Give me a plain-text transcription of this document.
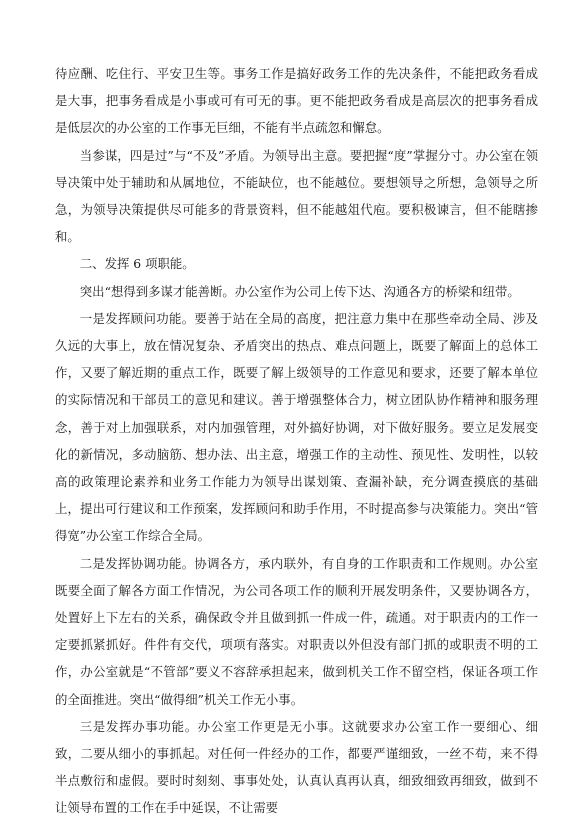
待应酬、吃住行、平安卫生等。事务工作是搞好政务工作的先决条件，不能把政务看成是大事，把事务看成是小事或可有可无的事。更不能把政务看成是高层次的把事务看成是低层次的办公室的工作事无巨细，不能有半点疏忽和懈怠。

当参谋，四是过”与“不及”矛盾。为领导出主意。要把握“度”掌握分寸。办公室在领导决策中处于辅助和从属地位，不能缺位，也不能越位。要想领导之所想，急领导之所急，为领导决策提供尽可能多的背景资料，但不能越俎代庖。要积极谏言，但不能瞎掺和。

二、发挥 6 项职能。

突出“想得到多谋才能善断。办公室作为公司上传下达、沟通各方的桥梁和纽带。

一是发挥顾问功能。要善于站在全局的高度，把注意力集中在那些牵动全局、涉及久远的大事上，放在情况复杂、矛盾突出的热点、难点问题上，既要了解面上的总体工作，又要了解近期的重点工作，既要了解上级领导的工作意见和要求，还要了解本单位的实际情况和干部员工的意见和建议。善于增强整体合力，树立团队协作精神和服务理念，善于对上加强联系，对内加强管理，对外搞好协调，对下做好服务。要立足发展变化的新情况，多动脑筋、想办法、出主意，增强工作的主动性、预见性、发明性，以较高的政策理论素养和业务工作能力为领导出谋划策、查漏补缺，充分调查摸底的基础上，提出可行建议和工作预案，发挥顾问和助手作用，不时提高参与决策能力。突出“管得宽”办公室工作综合全局。

二是发挥协调功能。协调各方，承内联外，有自身的工作职责和工作规则。办公室既要全面了解各方面工作情况，为公司各项工作的顺利开展发明条件，又要协调各方，处置好上下左右的关系，确保政令并且做到抓一件成一件，疏通。对于职责内的工作一定要抓紧抓好。件件有交代，项项有落实。对职责以外但没有部门抓的或职责不明的工作，办公室就是“不管部”要义不容辞承担起来，做到机关工作不留空档，保证各项工作的全面推进。突出“做得细”机关工作无小事。

三是发挥办事功能。办公室工作更是无小事。这就要求办公室工作一要细心、细致，二要从细小的事抓起。对任何一件经办的工作，都要严谨细致，一丝不苟，来不得半点敷衍和虚假。要时时刻刻、事事处处，认真认真再认真，细致细致再细致，做到不让领导布置的工作在手中延误，不让需要
